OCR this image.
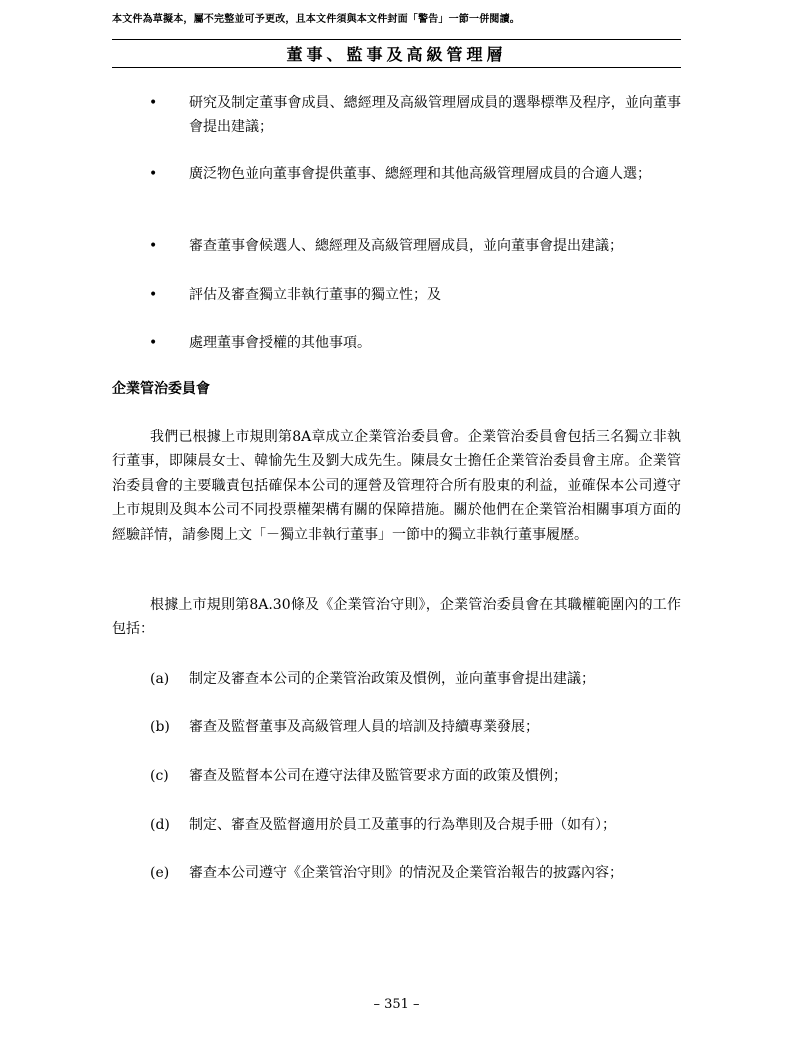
本文件為草擬本，屬不完整並可予更改，且本文件須與本文件封面「警告」一節一併閱讀。
董事、監事及高級管理層
• 研究及制定董事會成員、總經理及高級管理層成員的選舉標準及程序，並向董事會提出建議；
• 廣泛物色並向董事會提供董事、總經理和其他高級管理層成員的合適人選；
• 審查董事會候選人、總經理及高級管理層成員，並向董事會提出建議；
• 評估及審查獨立非執行董事的獨立性；及
• 處理董事會授權的其他事項。
企業管治委員會
我們已根據上市規則第8A章成立企業管治委員會。企業管治委員會包括三名獨立非執行董事，即陳晨女士、韓愉先生及劉大成先生。陳晨女士擔任企業管治委員會主席。企業管治委員會的主要職責包括確保本公司的運營及管理符合所有股東的利益，並確保本公司遵守上市規則及與本公司不同投票權架構有關的保障措施。關於他們在企業管治相關事項方面的經驗詳情，請參閱上文「－獨立非執行董事」一節中的獨立非執行董事履歷。
根據上市規則第8A.30條及《企業管治守則》，企業管治委員會在其職權範圍內的工作包括：
(a) 制定及審查本公司的企業管治政策及慣例，並向董事會提出建議；
(b) 審查及監督董事及高級管理人員的培訓及持續專業發展；
(c) 審查及監督本公司在遵守法律及監管要求方面的政策及慣例；
(d) 制定、審查及監督適用於員工及董事的行為準則及合規手冊（如有）；
(e) 審查本公司遵守《企業管治守則》的情況及企業管治報告的披露內容；
– 351 –
